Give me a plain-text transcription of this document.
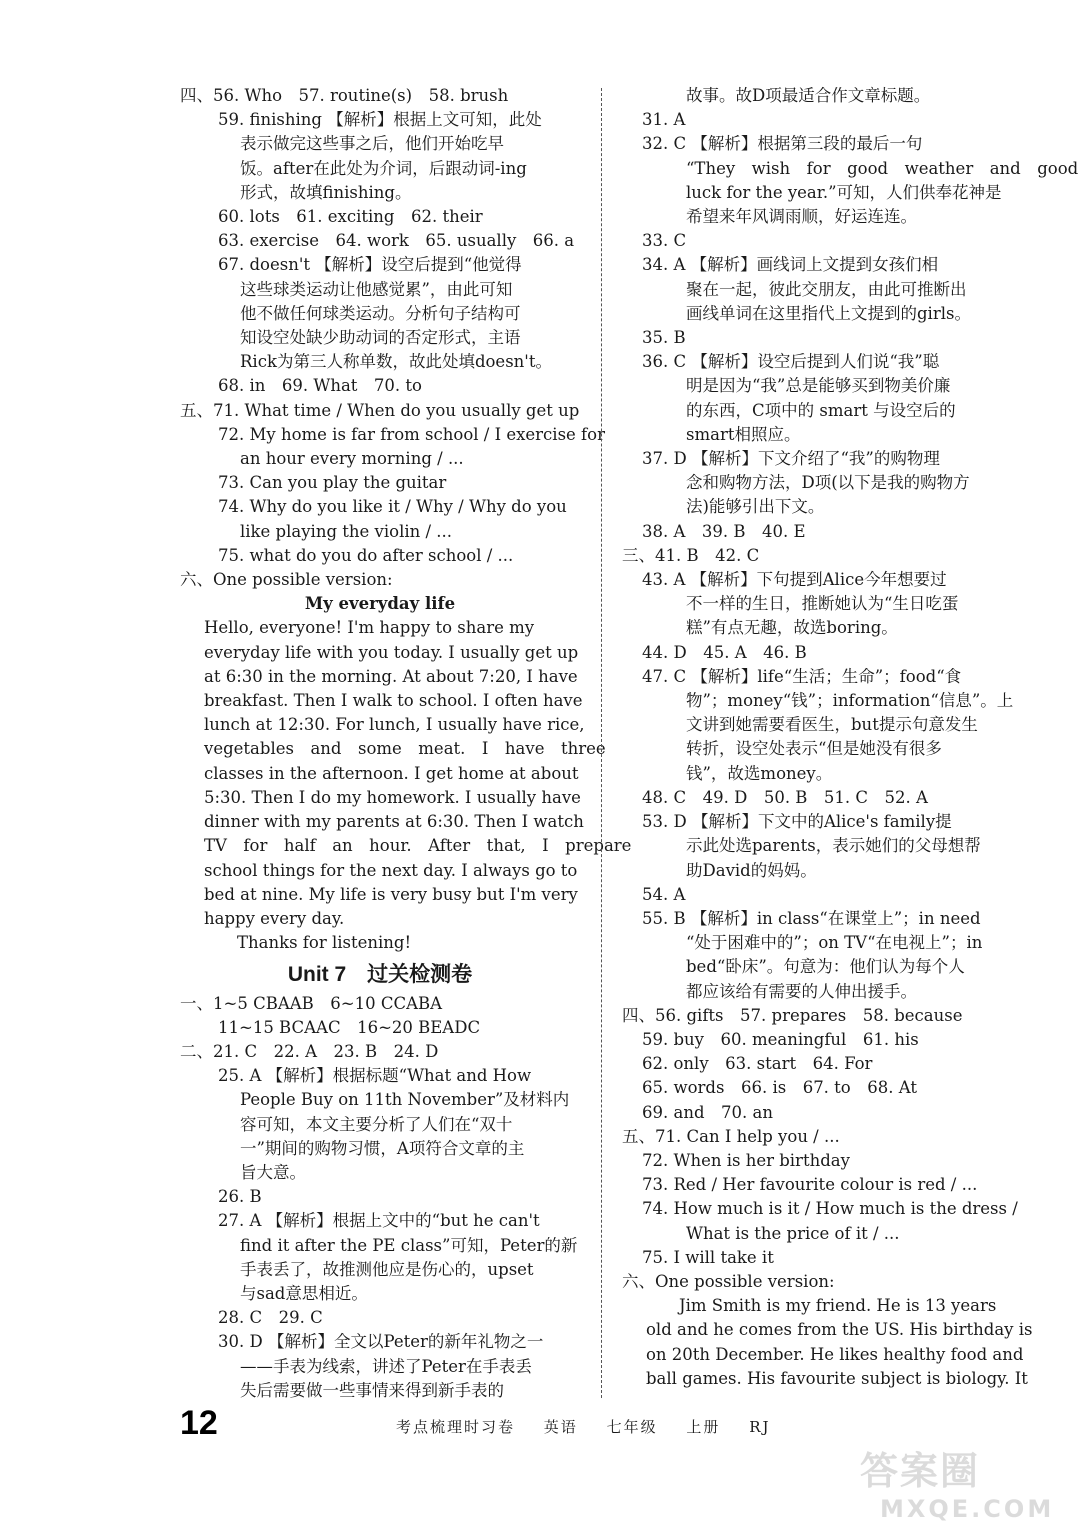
四、56. Who　57. routine(s)　58. brush
59. finishing 【解析】根据上文可知，此处
表示做完这些事之后，他们开始吃早
饭。after在此处为介词，后跟动词-ing
形式，故填finishing。
60. lots　61. exciting　62. their
63. exercise　64. work　65. usually　66. a
67. doesn't 【解析】设空后提到“他觉得
这些球类运动让他感觉累”，由此可知
他不做任何球类运动。分析句子结构可
知设空处缺少助动词的否定形式，主语
Rick为第三人称单数，故此处填doesn't。
68. in　69. What　70. to
五、71. What time / When do you usually get up
72. My home is far from school / I exercise for
an hour every morning / ...
73. Can you play the guitar
74. Why do you like it / Why / Why do you
like playing the violin / ...
75. what do you do after school / ...
六、One possible version:
My everyday life
Hello, everyone! I'm happy to share my
everyday life with you today. I usually get up
at 6:30 in the morning. At about 7:20, I have
breakfast. Then I walk to school. I often have
lunch at 12:30. For lunch, I usually have rice,
vegetables　and　some　meat.　I　have　three
classes in the afternoon. I get home at about
5:30. Then I do my homework. I usually have
dinner with my parents at 6:30. Then I watch
TV　for　half　an　hour.　After　that,　I　prepare
school things for the next day. I always go to
bed at nine. My life is very busy but I'm very
happy every day.
　　Thanks for listening!
Unit 7　过关检测卷
一、1~5 CBAAB　6~10 CCABA
11~15 BCAAC　16~20 BEADC
二、21. C　22. A　23. B　24. D
25. A 【解析】根据标题“What and How
People Buy on 11th November”及材料内
容可知，本文主要分析了人们在“双十
一”期间的购物习惯，A项符合文章的主
旨大意。
26. B
27. A 【解析】根据上文中的“but he can't
find it after the PE class”可知，Peter的新
手表丢了，故推测他应是伤心的，upset
与sad意思相近。
28. C　29. C
30. D 【解析】全文以Peter的新年礼物之一
——手表为线索，讲述了Peter在手表丢
失后需要做一些事情来得到新手表的
故事。故D项最适合作文章标题。
31. A
32. C 【解析】根据第三段的最后一句
“They　wish　for　good　weather　and　good
luck for the year.”可知，人们供奉花神是
希望来年风调雨顺，好运连连。
33. C
34. A 【解析】画线词上文提到女孩们相
聚在一起，彼此交朋友，由此可推断出
画线单词在这里指代上文提到的girls。
35. B
36. C 【解析】设空后提到人们说“我”聪
明是因为“我”总是能够买到物美价廉
的东西，C项中的 smart 与设空后的
smart相照应。
37. D 【解析】下文介绍了“我”的购物理
念和购物方法，D项(以下是我的购物方
法)能够引出下文。
38. A　39. B　40. E
三、41. B　42. C
43. A 【解析】下句提到Alice今年想要过
不一样的生日，推断她认为“生日吃蛋
糕”有点无趣，故选boring。
44. D　45. A　46. B
47. C 【解析】life“生活；生命”；food“食
物”；money“钱”；information“信息”。上
文讲到她需要看医生，but提示句意发生
转折，设空处表示“但是她没有很多
钱”，故选money。
48. C　49. D　50. B　51. C　52. A
53. D 【解析】下文中的Alice's family提
示此处选parents，表示她们的父母想帮
助David的妈妈。
54. A
55. B 【解析】in class“在课堂上”；in need
“处于困难中的”；on TV“在电视上”；in
bed“卧床”。句意为：他们认为每个人
都应该给有需要的人伸出援手。
四、56. gifts　57. prepares　58. because
59. buy　60. meaningful　61. his
62. only　63. start　64. For
65. words　66. is　67. to　68. At
69. and　70. an
五、71. Can I help you / ...
72. When is her birthday
73. Red / Her favourite colour is red / ...
74. How much is it / How much is the dress /
What is the price of it / ...
75. I will take it
六、One possible version:
　　Jim Smith is my friend. He is 13 years
old and he comes from the US. His birthday is
on 20th December. He likes healthy food and
ball games. His favourite subject is biology. It
12	考点梳理时习卷 英语 七年级 上册 RJ
答案圈
MXQE.COM
